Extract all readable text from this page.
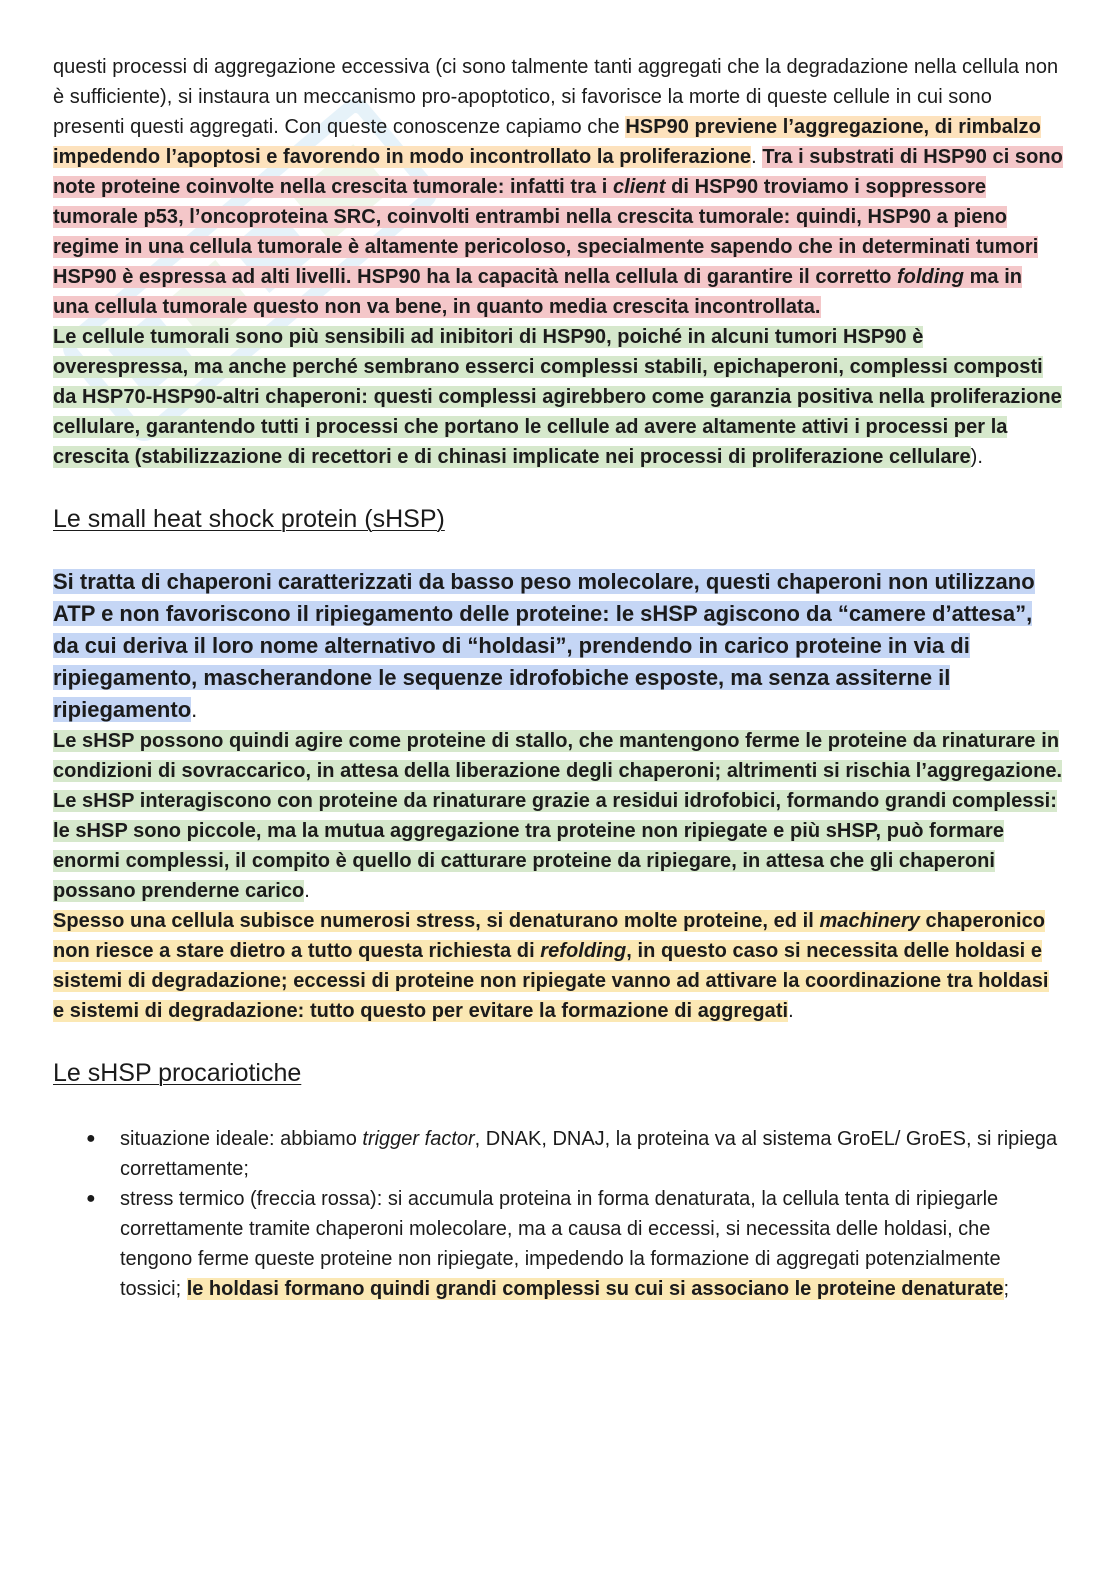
questi processi di aggregazione eccessiva (ci sono talmente tanti aggregati che la degradazione nella cellula non è sufficiente), si instaura un meccanismo pro-apoptotico, si favorisce la morte di queste cellule in cui sono presenti questi aggregati. Con queste conoscenze capiamo che HSP90 previene l’aggregazione, di rimbalzo impedendo l’apoptosi e favorendo in modo incontrollato la proliferazione. Tra i substrati di HSP90 ci sono note proteine coinvolte nella crescita tumorale: infatti tra i client di HSP90 troviamo i soppressore tumorale p53, l’oncoproteina SRC, coinvolti entrambi nella crescita tumorale: quindi, HSP90 a pieno regime in una cellula tumorale è altamente pericoloso, specialmente sapendo che in determinati tumori HSP90 è espressa ad alti livelli. HSP90 ha la capacità nella cellula di garantire il corretto folding ma in una cellula tumorale questo non va bene, in quanto media crescita incontrollata.

Le cellule tumorali sono più sensibili ad inibitori di HSP90, poiché in alcuni tumori HSP90 è overespressa, ma anche perché sembrano esserci complessi stabili, epichaperoni, complessi composti da HSP70-HSP90-altri chaperoni: questi complessi agirebbero come garanzia positiva nella proliferazione cellulare, garantendo tutti i processi che portano le cellule ad avere altamente attivi i processi per la crescita (stabilizzazione di recettori e di chinasi implicate nei processi di proliferazione cellulare).

Le small heat shock protein (sHSP)

Si tratta di chaperoni caratterizzati da basso peso molecolare, questi chaperoni non utilizzano ATP e non favoriscono il ripiegamento delle proteine: le sHSP agiscono da “camere d’attesa”, da cui deriva il loro nome alternativo di “holdasi”, prendendo in carico proteine in via di ripiegamento, mascherandone le sequenze idrofobiche esposte, ma senza assiterne il ripiegamento.

Le sHSP possono quindi agire come proteine di stallo, che mantengono ferme le proteine da rinaturare in condizioni di sovraccarico, in attesa della liberazione degli chaperoni; altrimenti si rischia l’aggregazione. Le sHSP interagiscono con proteine da rinaturare grazie a residui idrofobici, formando grandi complessi: le sHSP sono piccole, ma la mutua aggregazione tra proteine non ripiegate e più sHSP, può formare enormi complessi, il compito è quello di catturare proteine da ripiegare, in attesa che gli chaperoni possano prenderne carico.

Spesso una cellula subisce numerosi stress, si denaturano molte proteine, ed il machinery chaperonico non riesce a stare dietro a tutto questa richiesta di refolding, in questo caso si necessita delle holdasi e sistemi di degradazione; eccessi di proteine non ripiegate vanno ad attivare la coordinazione tra holdasi e sistemi di degradazione: tutto questo per evitare la formazione di aggregati.

Le sHSP procariotiche
● situazione ideale: abbiamo trigger factor, DNAK, DNAJ, la proteina va al sistema GroEL/ GroES, si ripiega correttamente;
● stress termico (freccia rossa): si accumula proteina in forma denaturata, la cellula tenta di ripiegarle correttamente tramite chaperoni molecolare, ma a causa di eccessi, si necessita delle holdasi, che tengono ferme queste proteine non ripiegate, impedendo la formazione di aggregati potenzialmente tossici; le holdasi formano quindi grandi complessi su cui si associano le proteine denaturate;
